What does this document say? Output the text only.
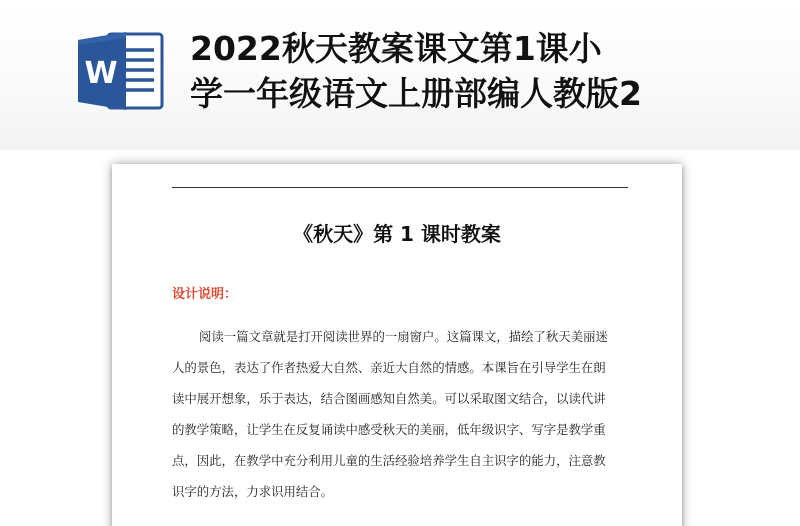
W
2022秋天教案课文第1课小
学一年级语文上册部编人教版2
《秋天》第 1 课时教案
设计说明：
阅读一篇文章就是打开阅读世界的一扇窗户。这篇课文，描绘了秋天美丽迷
人的景色，表达了作者热爱大自然、亲近大自然的情感。本课旨在引导学生在朗
读中展开想象，乐于表达，结合图画感知自然美。可以采取图文结合，以读代讲
的教学策略，让学生在反复诵读中感受秋天的美丽，低年级识字、写字是教学重
点，因此，在教学中充分利用儿童的生活经验培养学生自主识字的能力，注意教
识字的方法，力求识用结合。
